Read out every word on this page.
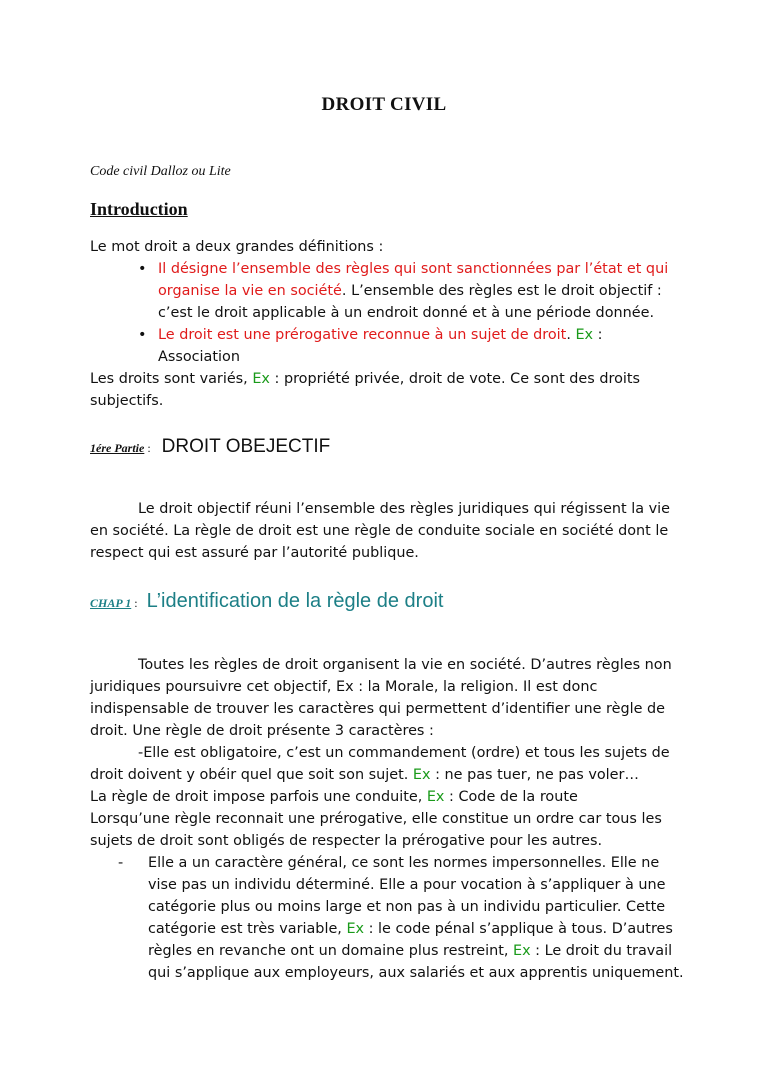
DROIT CIVIL
Code civil Dalloz ou Lite
Introduction
Le mot droit a deux grandes définitions :
• Il désigne l’ensemble des règles qui sont sanctionnées par l’état et qui
organise la vie en société. L’ensemble des règles est le droit objectif :
c’est le droit applicable à un endroit donné et à une période donnée.
• Le droit est une prérogative reconnue à un sujet de droit. Ex :
Association
Les droits sont variés, Ex : propriété privée, droit de vote. Ce sont des droits
subjectifs.
1ére Partie : DROIT OBEJECTIF
Le droit objectif réuni l’ensemble des règles juridiques qui régissent la vie
en société. La règle de droit est une règle de conduite sociale en société dont le
respect qui est assuré par l’autorité publique.
CHAP 1 : L’identification de la règle de droit
Toutes les règles de droit organisent la vie en société. D’autres règles non
juridiques poursuivre cet objectif, Ex : la Morale, la religion. Il est donc
indispensable de trouver les caractères qui permettent d’identifier une règle de
droit. Une règle de droit présente 3 caractères :
-Elle est obligatoire, c’est un commandement (ordre) et tous les sujets de
droit doivent y obéir quel que soit son sujet. Ex : ne pas tuer, ne pas voler…
La règle de droit impose parfois une conduite, Ex : Code de la route
Lorsqu’une règle reconnait une prérogative, elle constitue un ordre car tous les
sujets de droit sont obligés de respecter la prérogative pour les autres.
- Elle a un caractère général, ce sont les normes impersonnelles. Elle ne
vise pas un individu déterminé. Elle a pour vocation à s’appliquer à une
catégorie plus ou moins large et non pas à un individu particulier. Cette
catégorie est très variable, Ex : le code pénal s’applique à tous. D’autres
règles en revanche ont un domaine plus restreint, Ex : Le droit du travail
qui s’applique aux employeurs, aux salariés et aux apprentis uniquement.
